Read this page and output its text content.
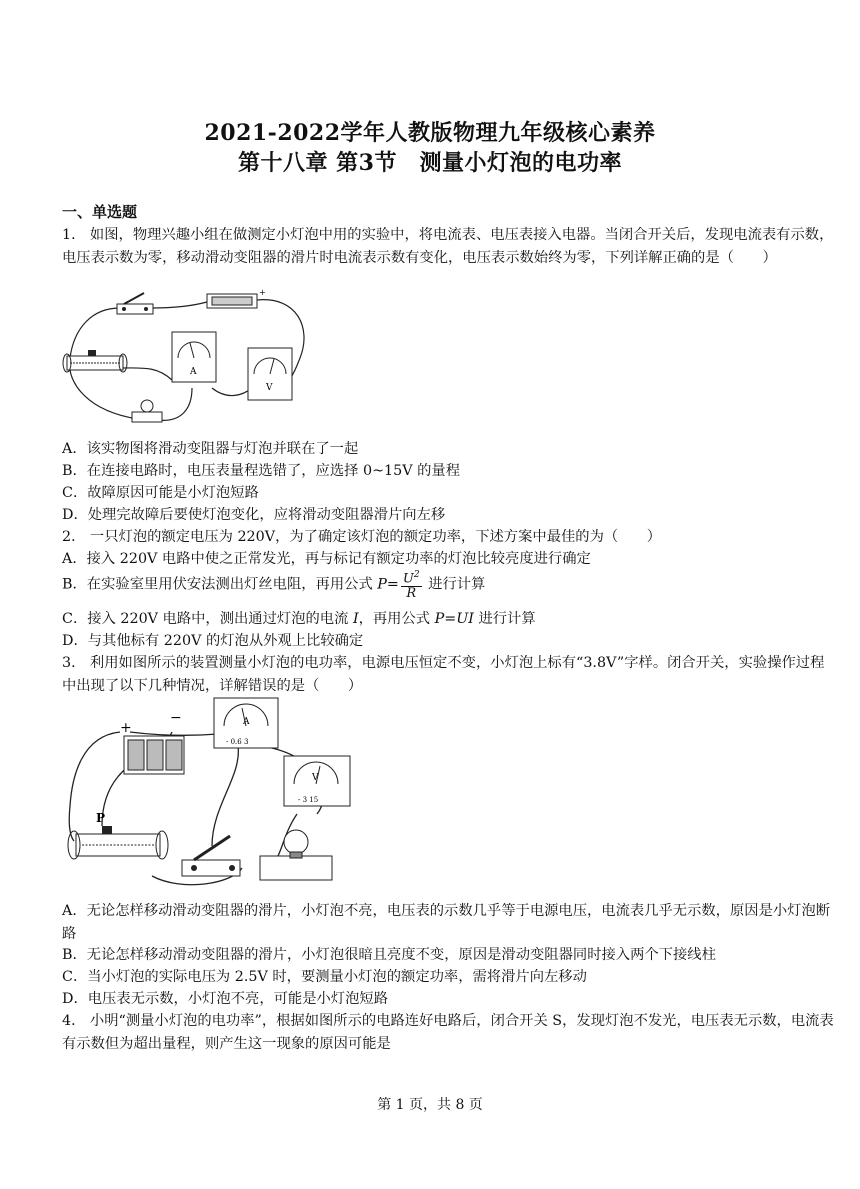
2021-2022学年人教版物理九年级核心素养
第十八章 第3节　测量小灯泡的电功率
一、单选题
1． 如图，物理兴趣小组在做测定小灯泡中用的实验中，将电流表、电压表接入电器。当闭合开关后，发现电流表有示数，电压表示数为零，移动滑动变阻器的滑片时电流表示数有变化，电压表示数始终为零，下列详解正确的是（　　）
+
A
V
A．该实物图将滑动变阻器与灯泡并联在了一起
B．在连接电路时，电压表量程选错了，应选择 0~15V 的量程
C．故障原因可能是小灯泡短路
D．处理完故障后要使灯泡变化，应将滑动变阻器滑片向左移
2． 一只灯泡的额定电压为 220V，为了确定该灯泡的额定功率，下述方案中最佳的为（　　）
A．接入 220V 电路中使之正常发光，再与标记有额定功率的灯泡比较亮度进行确定
B．在实验室里用伏安法测出灯丝电阻，再用公式 $P= \frac{U^2}{R}$ 进行计算
C．接入 220V 电路中，测出通过灯泡的电流 I，再用公式 P=UI 进行计算
D．与其他标有 220V 的灯泡从外观上比较确定
3． 利用如图所示的装置测量小灯泡的电功率，电源电压恒定不变，小灯泡上标有“3.8V”字样。闭合开关，实验操作过程中出现了以下几种情况，详解错误的是（　　）
+
−	A
- 0.6 3
V
- 3 15
P
A．无论怎样移动滑动变阻器的滑片，小灯泡不亮，电压表的示数几乎等于电源电压，电流表几乎无示数，原因是小灯泡断路
B．无论怎样移动滑动变阻器的滑片，小灯泡很暗且亮度不变，原因是滑动变阻器同时接入两个下接线柱
C．当小灯泡的实际电压为 2.5V 时，要测量小灯泡的额定功率，需将滑片向左移动
D．电压表无示数，小灯泡不亮，可能是小灯泡短路
4． 小明“测量小灯泡的电功率”，根据如图所示的电路连好电路后，闭合开关 S，发现灯泡不发光，电压表无示数，电流表有示数但为超出量程，则产生这一现象的原因可能是
第 1 页，共 8 页
